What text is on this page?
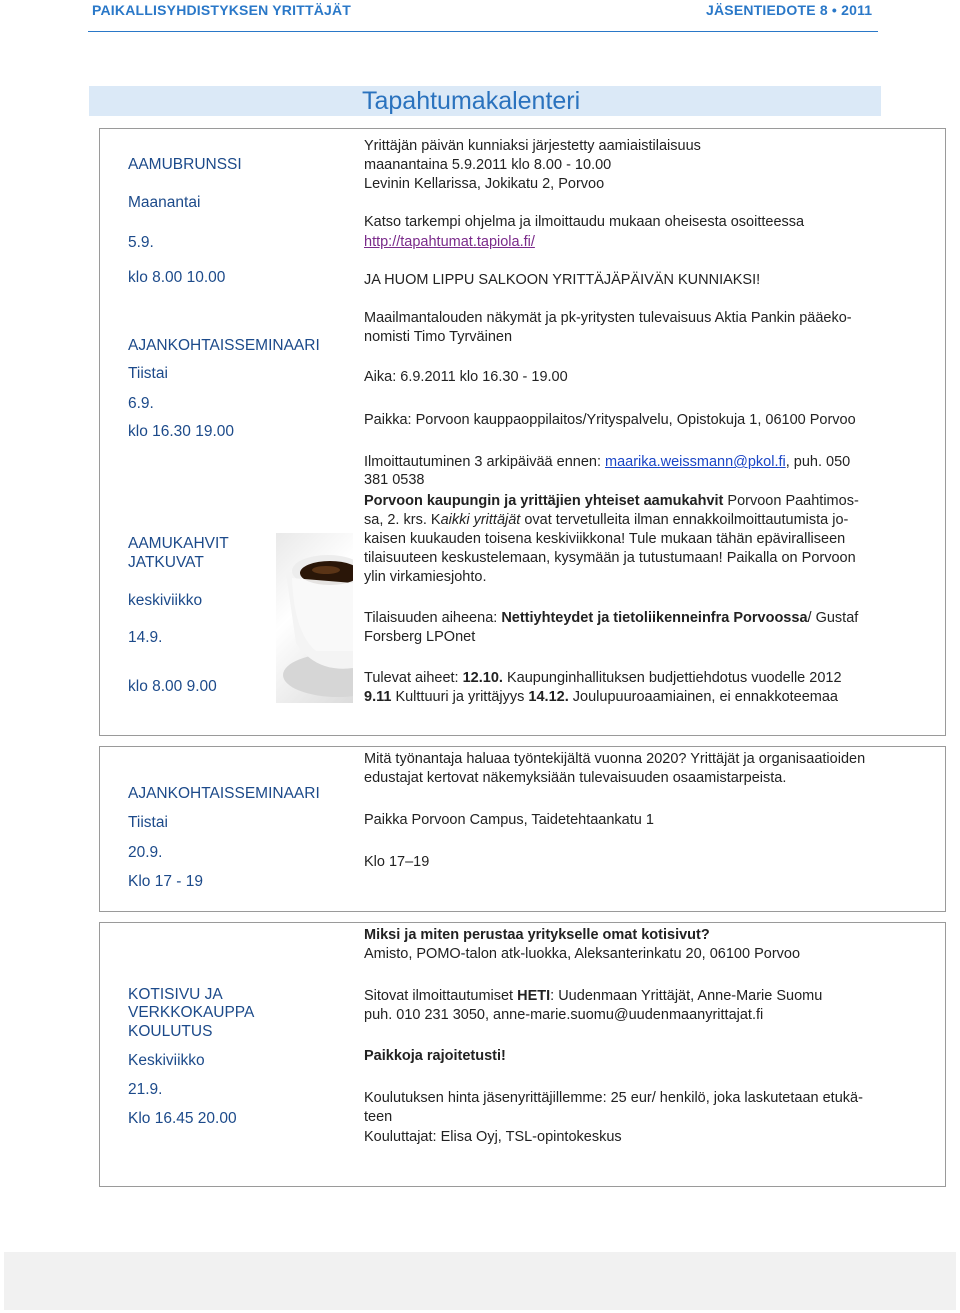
PAIKALLISYHDISTYKSEN YRITTÄJÄT	JÄSENTIEDOTE 8 • 2011
Tapahtumakalenteri
AAMUBRUNSSI
Maanantai
5.9.
klo 8.00 10.00
Yrittäjän päivän kunniaksi järjestetty aamiaistilaisuus
maanantaina 5.9.2011 klo 8.00 - 10.00
Levinin Kellarissa, Jokikatu 2, Porvoo
Katso tarkempi ohjelma ja ilmoittaudu mukaan oheisesta osoitteessa
http://tapahtumat.tapiola.fi/
JA HUOM LIPPU SALKOON YRITTÄJÄPÄIVÄN KUNNIAKSI!
AJANKOHTAISSEMINAARI
Tiistai
6.9.
klo 16.30 19.00
Maailmantalouden näkymät ja pk-yritysten tulevaisuus Aktia Pankin pääeko-
nomisti Timo Tyrväinen
Aika: 6.9.2011 klo 16.30 - 19.00
Paikka: Porvoon kauppaoppilaitos/Yrityspalvelu, Opistokuja 1, 06100 Porvoo
Ilmoittautuminen 3 arkipäivää ennen: maarika.weissmann@pkol.fi, puh. 050
381 0538
AAMUKAHVIT
JATKUVAT
keskiviikko
14.9.
klo 8.00 9.00
Porvoon kaupungin ja yrittäjien yhteiset aamukahvit Porvoon Paahtimos-
sa, 2. krs. Kaikki yrittäjät ovat tervetulleita ilman ennakkoilmoittautumista jo-
kaisen kuukauden toisena keskiviikkona! Tule mukaan tähän epäviralliseen
tilaisuuteen keskustelemaan, kysymään ja tutustumaan! Paikalla on Porvoon
ylin virkamiesjohto.
Tilaisuuden aiheena: Nettiyhteydet ja tietoliikenneinfra Porvoossa/ Gustaf
Forsberg LPOnet
Tulevat aiheet: 12.10. Kaupunginhallituksen budjettiehdotus vuodelle 2012
9.11 Kulttuuri ja yrittäjyys 14.12. Joulupuuroaamiainen, ei ennakkoteemaa
AJANKOHTAISSEMINAARI
Tiistai
20.9.
Klo 17 - 19
Mitä työnantaja haluaa työntekijältä vuonna 2020? Yrittäjät ja organisaatioiden
edustajat kertovat näkemyksiään tulevaisuuden osaamistarpeista.
Paikka Porvoon Campus, Taidetehtaankatu 1
Klo 17–19
KOTISIVU JA
VERKKOKAUPPA
KOULUTUS
Keskiviikko
21.9.
Klo 16.45 20.00
Miksi ja miten perustaa yritykselle omat kotisivut?
Amisto, POMO-talon atk-luokka, Aleksanterinkatu 20, 06100 Porvoo
Sitovat ilmoittautumiset HETI: Uudenmaan Yrittäjät, Anne-Marie Suomu
puh. 010 231 3050, anne-marie.suomu@uudenmaanyrittajat.fi
Paikkoja rajoitetusti!
Koulutuksen hinta jäsenyrittäjillemme: 25 eur/ henkilö, joka laskutetaan etukä-
teen
Kouluttajat: Elisa Oyj, TSL-opintokeskus
